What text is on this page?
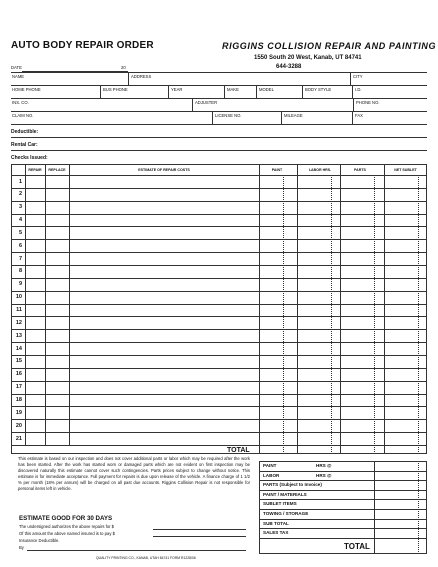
AUTO BODY REPAIR ORDER	RIGGINS COLLISION REPAIR AND PAINTING
1550 South 20 West, Kanab, UT 84741
644-3288
DATE	20
NAME	ADDRESS	CITY
HOME PHONE	BUS PHONE	YEAR	MAKE	MODEL	BODY STYLE	I.D.
INS. CO.	ADJUSTER	PHONE NO.
CLAIM NO.	LICENSE NO.	MILEAGE	FAX
Deductible:
Rental Car:
Checks Issued:
REPAIR	REPLACE	ESTIMATE OF REPAIR COSTS	PAINT	LABOR HRS.	PARTS	NET SUBLET
1
2
3
4
5
6
7
8
9
10
11
12
13
14
15
16
17
18
19
20
21
TOTAL
This estimate is based on our inspection and does not cover additional parts or labor which may be required after the work has been started. After the work has started worn or damaged parts which are not evident on first inspection may be discovered naturally this estimate cannot cover such contingencies. Parts prices subject to change without notice. This estimate is for immediate acceptance. Full payment for repairs is due upon release of the vehicle. A finance charge of 1 1/2 % per month (18% per annum) will be charged on all past due accounts. Riggins Collision Repair is not responsible for personal items left in vehicle.
ESTIMATE GOOD FOR 30 DAYS
The undersigned authorizes the above repairs for $
Of this amount the above named insured is to pay $
Insurance Deductible.
By
QUALITY PRINTING CO., KANAB, UTAH 84741 FORM R1228/06
PAINT	HRS @
LABOR	HRS @
PARTS (Subject to Invoice)
PAINT / MATERIALS
SUBLET ITEMS
TOWING / STORAGE
SUB TOTAL
SALES TAX
TOTAL
